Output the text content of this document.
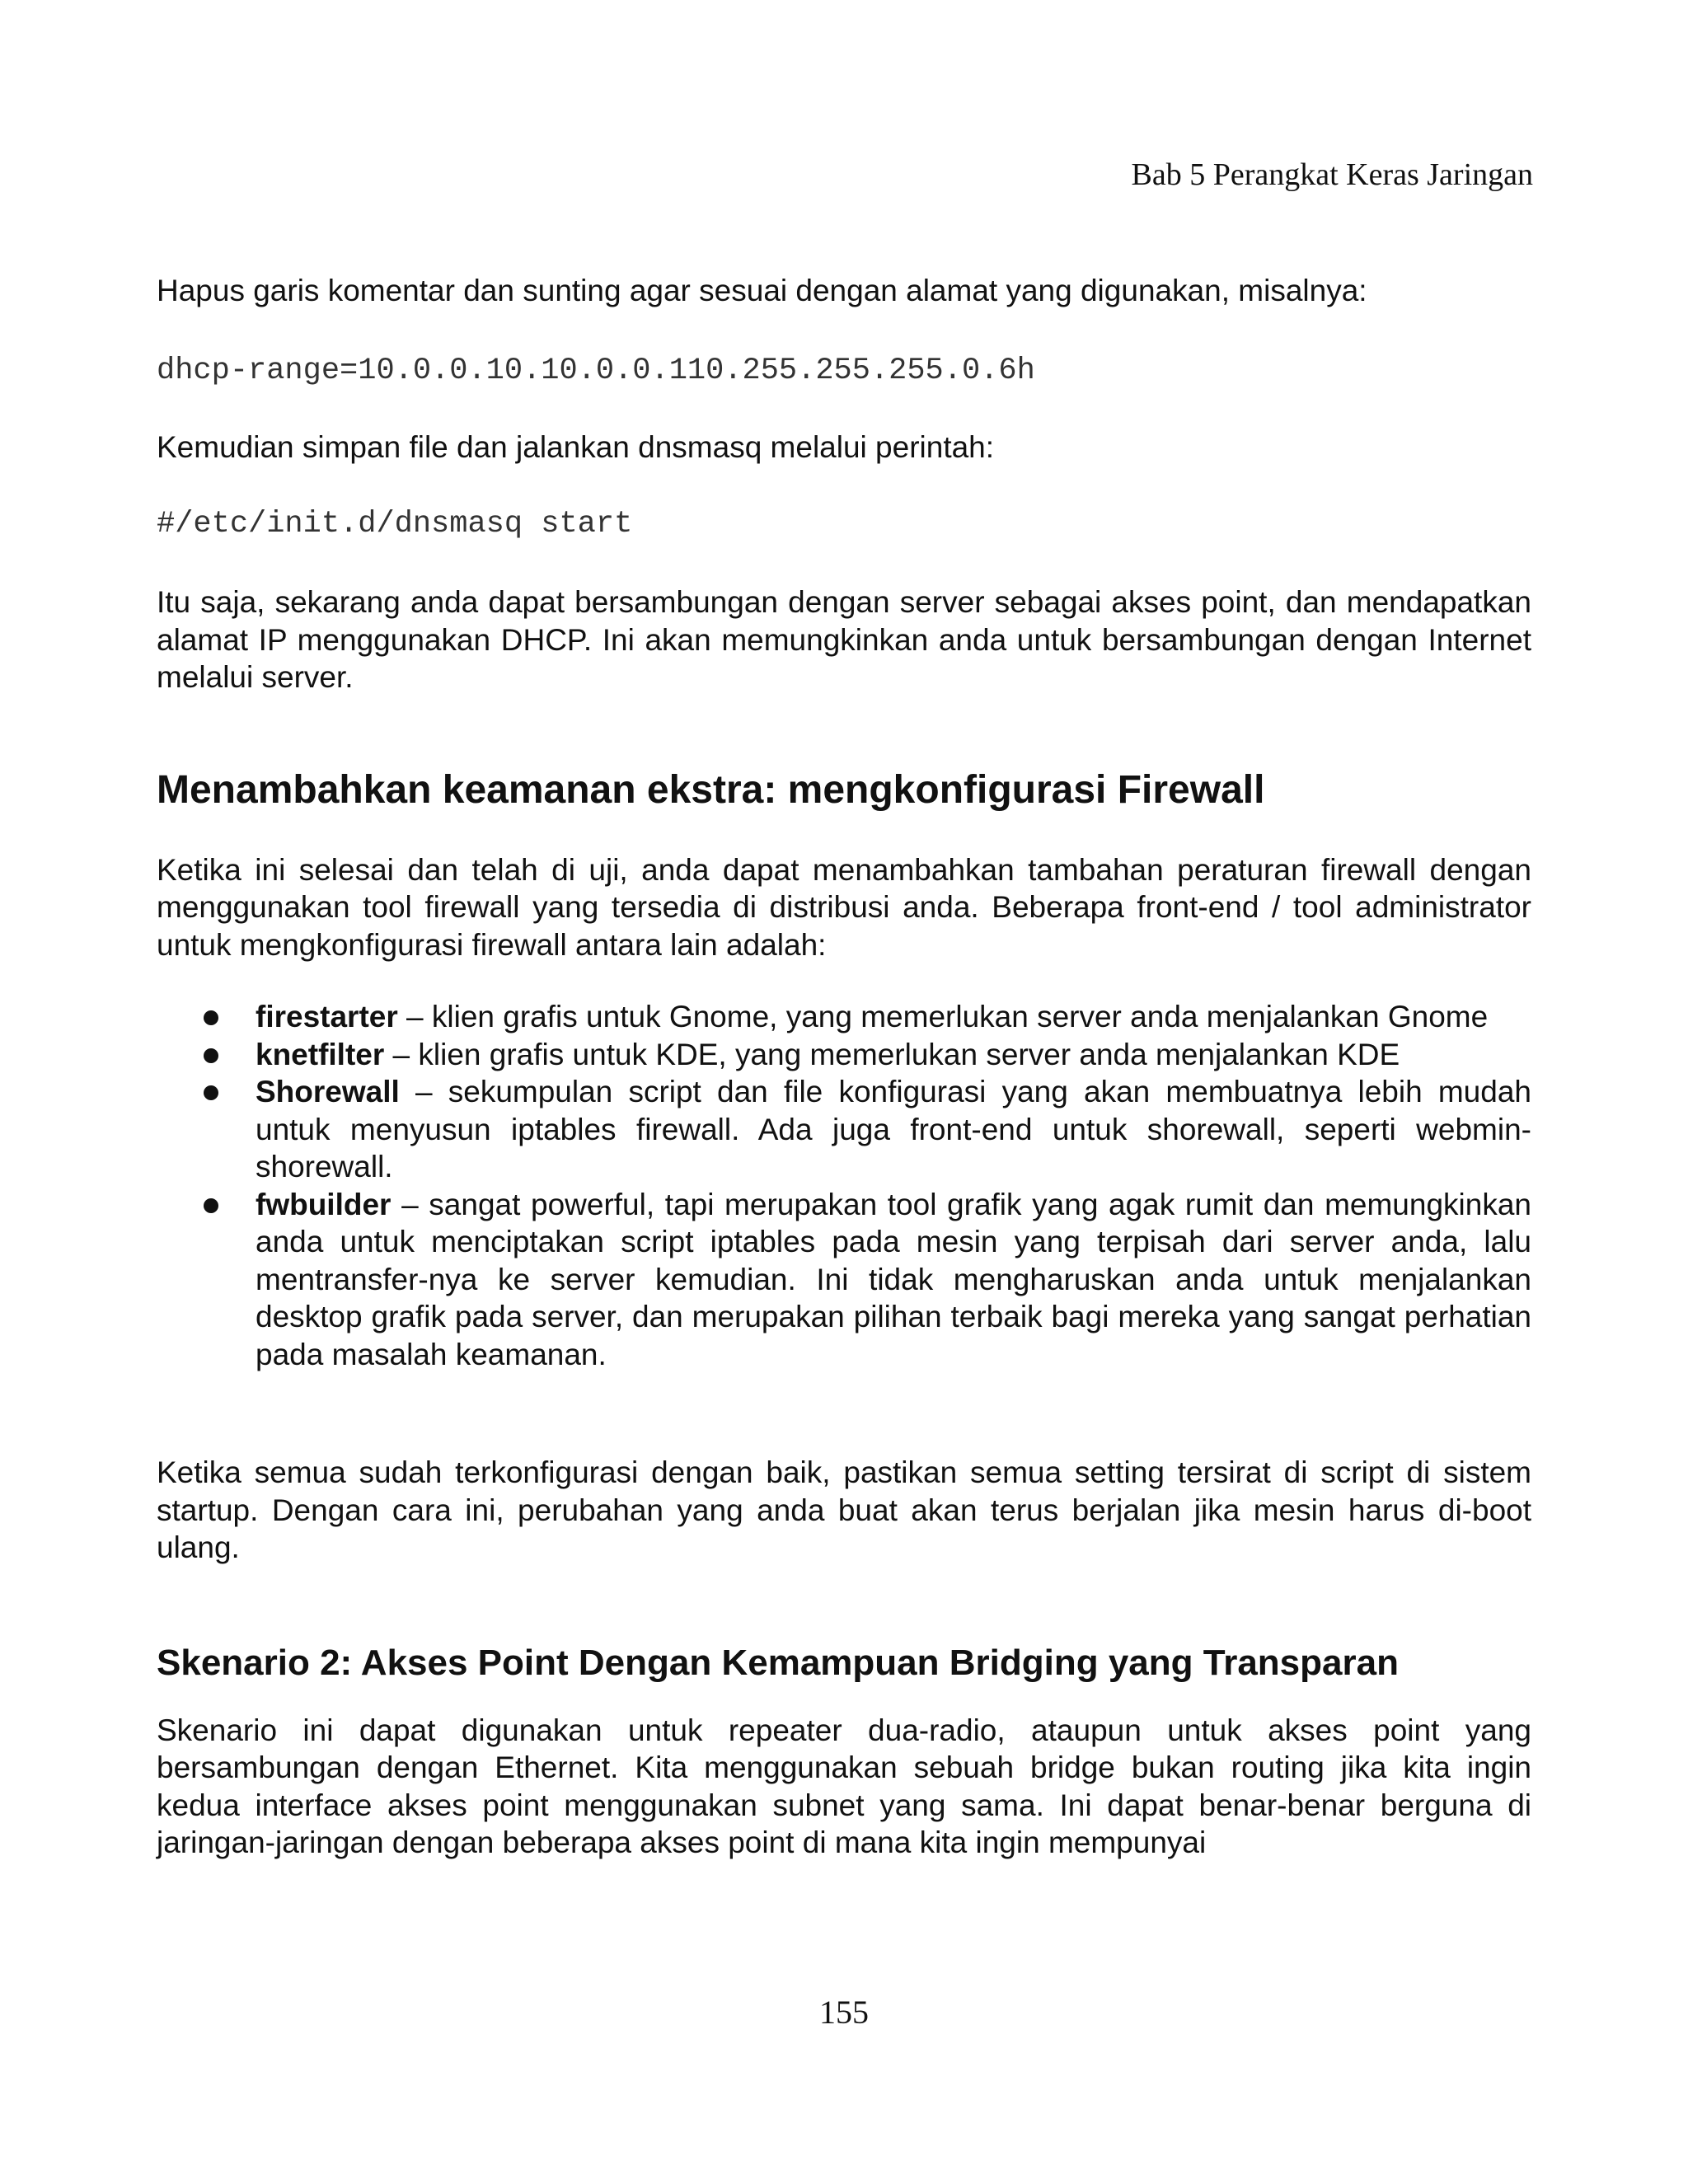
Bab 5 Perangkat Keras Jaringan

Hapus garis komentar dan sunting agar sesuai dengan alamat yang digunakan, misalnya:

dhcp-range=10.0.0.10.10.0.0.110.255.255.255.0.6h

Kemudian simpan file dan jalankan dnsmasq melalui perintah:

#/etc/init.d/dnsmasq start

Itu saja, sekarang anda dapat bersambungan dengan server sebagai akses point, dan mendapatkan alamat IP menggunakan DHCP. Ini akan memungkinkan anda untuk bersambungan dengan Internet melalui server.

Menambahkan keamanan ekstra: mengkonfigurasi Firewall

Ketika ini selesai dan telah di uji, anda dapat menambahkan tambahan peraturan firewall dengan menggunakan tool firewall yang tersedia di distribusi anda. Beberapa front-end / tool administrator untuk mengkonfigurasi firewall antara lain adalah:

firestarter – klien grafis untuk Gnome, yang memerlukan server anda menjalankan Gnome
knetfilter – klien grafis untuk KDE, yang memerlukan server anda menjalankan KDE
Shorewall – sekumpulan script dan file konfigurasi yang akan membuatnya lebih mudah untuk menyusun iptables firewall. Ada juga front-end untuk shorewall, seperti webmin-shorewall.
fwbuilder – sangat powerful, tapi merupakan tool grafik yang agak rumit dan memungkinkan anda untuk menciptakan script iptables pada mesin yang terpisah dari server anda, lalu mentransfer-nya ke server kemudian. Ini tidak mengharuskan anda untuk menjalankan desktop grafik pada server, dan merupakan pilihan terbaik bagi mereka yang sangat perhatian pada masalah keamanan.

Ketika semua sudah terkonfigurasi dengan baik, pastikan semua setting tersirat di script di sistem startup. Dengan cara ini, perubahan yang anda buat akan terus berjalan jika mesin harus di-boot ulang.

Skenario 2: Akses Point Dengan Kemampuan Bridging yang Transparan

Skenario ini dapat digunakan untuk repeater dua-radio, ataupun untuk akses point yang bersambungan dengan Ethernet. Kita menggunakan sebuah bridge bukan routing jika kita ingin kedua interface akses point menggunakan subnet yang sama. Ini dapat benar-benar berguna di jaringan-jaringan dengan beberapa akses point di mana kita ingin mempunyai

155
